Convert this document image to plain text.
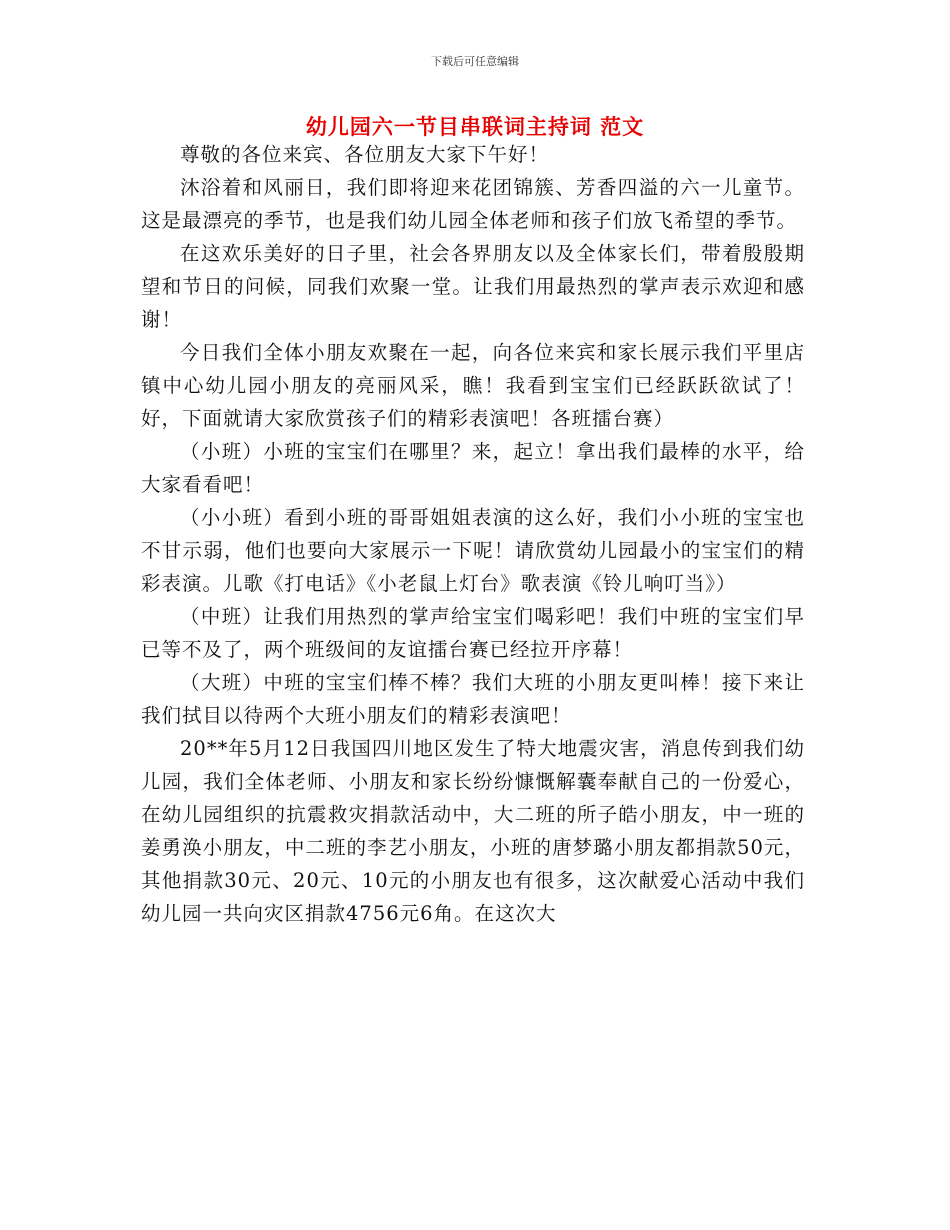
下载后可任意编辑
幼儿园六一节目串联词主持词 范文

尊敬的各位来宾、各位朋友大家下午好！

沐浴着和风丽日，我们即将迎来花团锦簇、芳香四溢的六一儿童节。这是最漂亮的季节，也是我们幼儿园全体老师和孩子们放飞希望的季节。

在这欢乐美好的日子里，社会各界朋友以及全体家长们，带着殷殷期望和节日的问候，同我们欢聚一堂。让我们用最热烈的掌声表示欢迎和感谢！

今日我们全体小朋友欢聚在一起，向各位来宾和家长展示我们平里店镇中心幼儿园小朋友的亮丽风采，瞧！我看到宝宝们已经跃跃欲试了！好，下面就请大家欣赏孩子们的精彩表演吧！各班擂台赛）

（小班）小班的宝宝们在哪里？来，起立！拿出我们最棒的水平，给大家看看吧！

（小小班）看到小班的哥哥姐姐表演的这么好，我们小小班的宝宝也不甘示弱，他们也要向大家展示一下呢！请欣赏幼儿园最小的宝宝们的精彩表演。儿歌《打电话》《小老鼠上灯台》歌表演《铃儿响叮当》）

（中班）让我们用热烈的掌声给宝宝们喝彩吧！我们中班的宝宝们早已等不及了，两个班级间的友谊擂台赛已经拉开序幕！

（大班）中班的宝宝们棒不棒？我们大班的小朋友更叫棒！接下来让我们拭目以待两个大班小朋友们的精彩表演吧！

20**年5月12日我国四川地区发生了特大地震灾害，消息传到我们幼儿园，我们全体老师、小朋友和家长纷纷慷慨解囊奉献自己的一份爱心，在幼儿园组织的抗震救灾捐款活动中，大二班的所子皓小朋友，中一班的姜勇涣小朋友，中二班的李艺小朋友，小班的唐梦璐小朋友都捐款50元，其他捐款30元、20元、10元的小朋友也有很多，这次献爱心活动中我们幼儿园一共向灾区捐款4756元6角。在这次大
